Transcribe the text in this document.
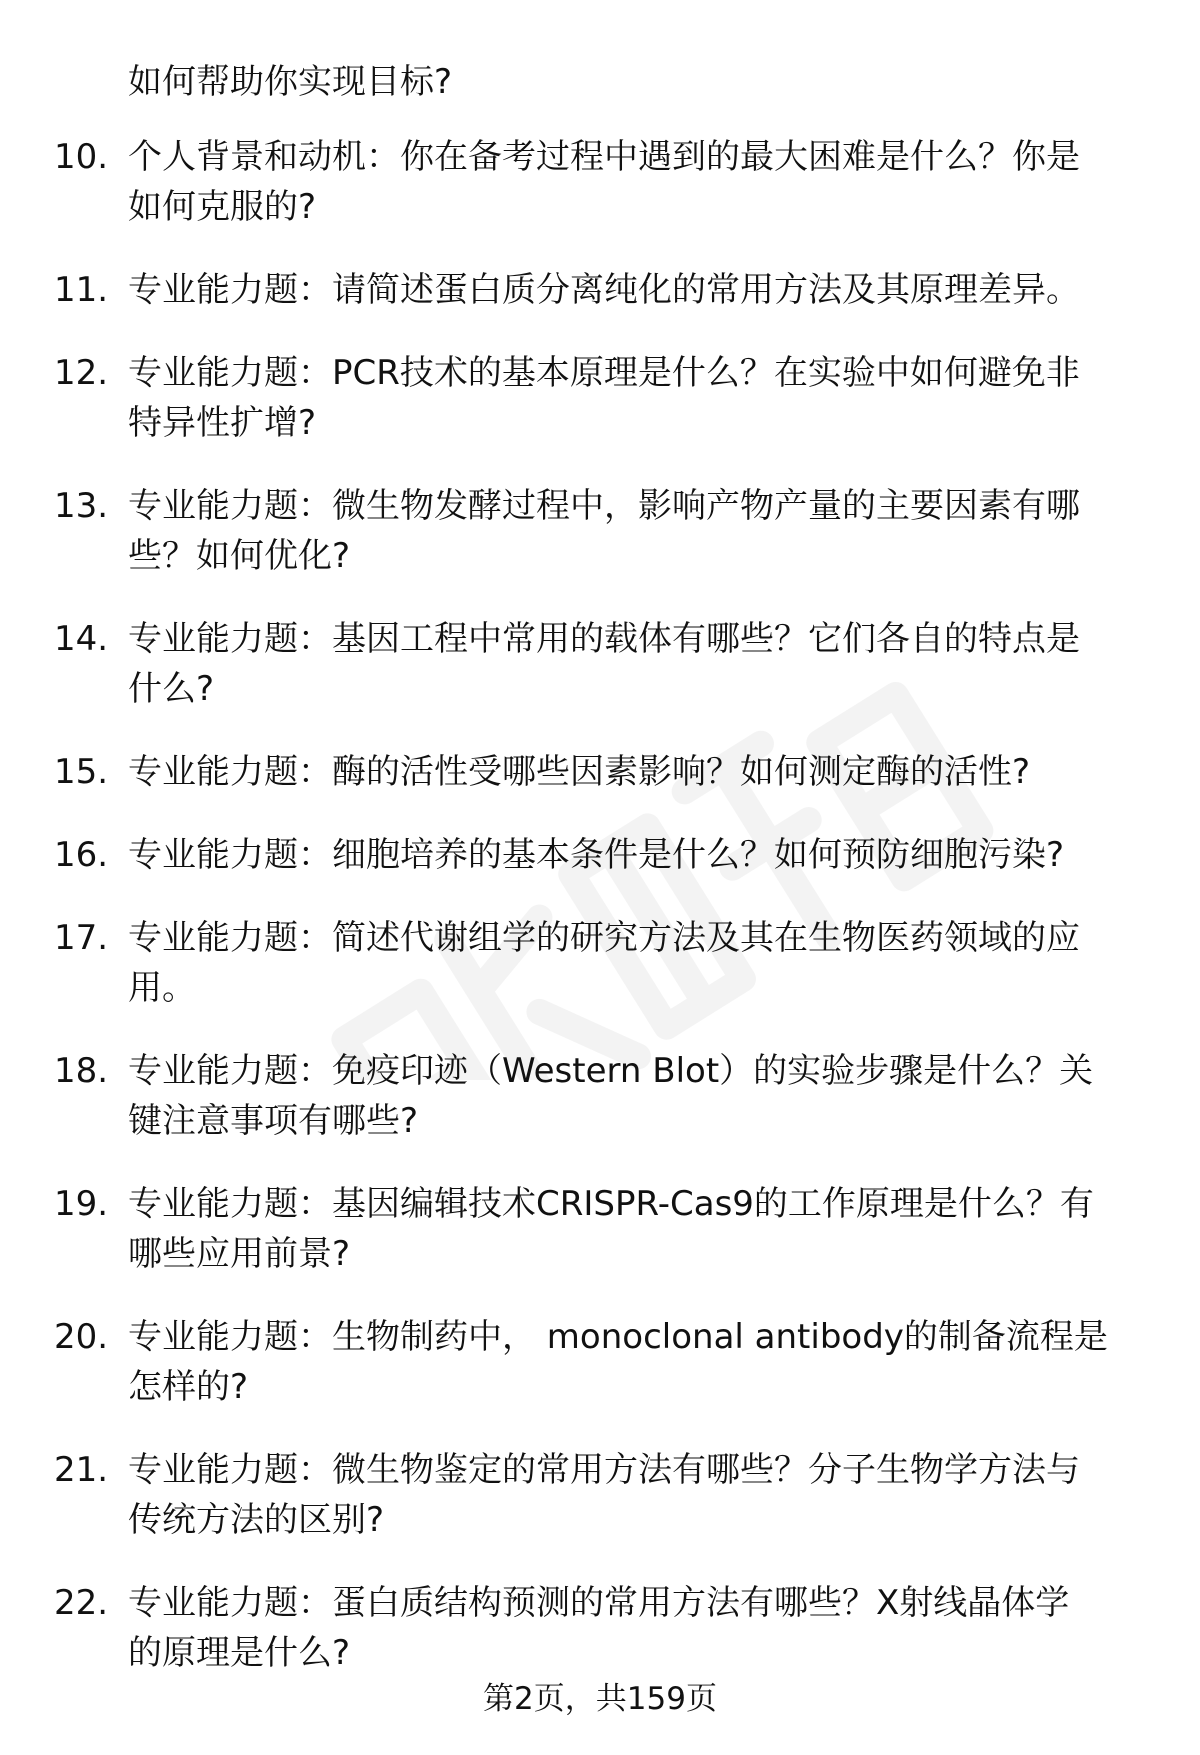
如何帮助你实现目标?
10. 个人背景和动机：你在备考过程中遇到的最大困难是什么？你是
如何克服的?
11. 专业能力题：请简述蛋白质分离纯化的常用方法及其原理差异。
12. 专业能力题：PCR技术的基本原理是什么？在实验中如何避免非
特异性扩增?
13. 专业能力题：微生物发酵过程中，影响产物产量的主要因素有哪
些？如何优化?
14. 专业能力题：基因工程中常用的载体有哪些？它们各自的特点是
什么?
15. 专业能力题：酶的活性受哪些因素影响？如何测定酶的活性?
16. 专业能力题：细胞培养的基本条件是什么？如何预防细胞污染?
17. 专业能力题：简述代谢组学的研究方法及其在生物医药领域的应
用。
18. 专业能力题：免疫印迹（Western Blot）的实验步骤是什么？关
键注意事项有哪些?
19. 专业能力题：基因编辑技术CRISPR-Cas9的工作原理是什么？有
哪些应用前景?
20. 专业能力题：生物制药中， monoclonal antibody的制备流程是
怎样的?
21. 专业能力题：微生物鉴定的常用方法有哪些？分子生物学方法与
传统方法的区别?
22. 专业能力题：蛋白质结构预测的常用方法有哪些？X射线晶体学
的原理是什么?
第2页，共159页
